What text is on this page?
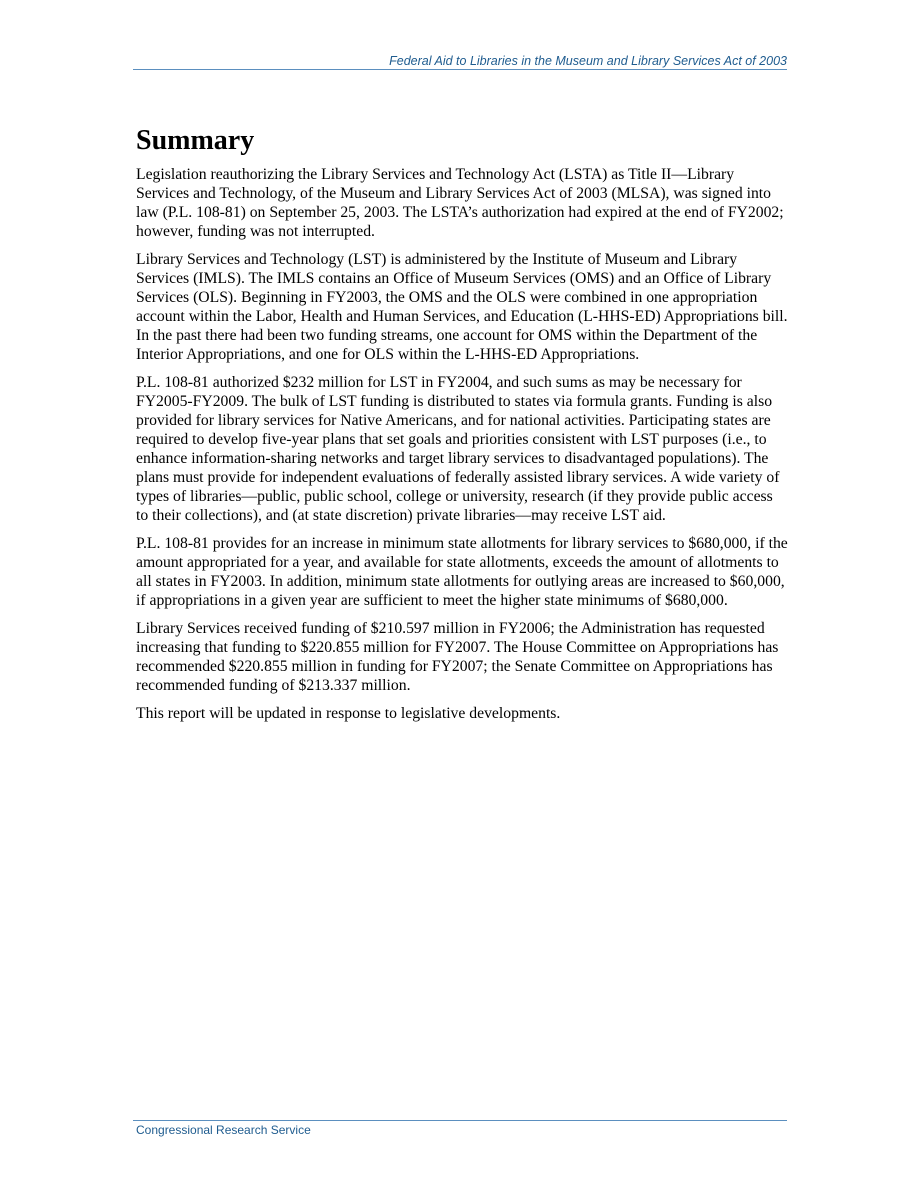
Federal Aid to Libraries in the Museum and Library Services Act of 2003
Summary

Legislation reauthorizing the Library Services and Technology Act (LSTA) as Title II—Library Services and Technology, of the Museum and Library Services Act of 2003 (MLSA), was signed into law (P.L. 108-81) on September 25, 2003. The LSTA’s authorization had expired at the end of FY2002; however, funding was not interrupted.

Library Services and Technology (LST) is administered by the Institute of Museum and Library Services (IMLS). The IMLS contains an Office of Museum Services (OMS) and an Office of Library Services (OLS). Beginning in FY2003, the OMS and the OLS were combined in one appropriation account within the Labor, Health and Human Services, and Education (L-HHS-ED) Appropriations bill. In the past there had been two funding streams, one account for OMS within the Department of the Interior Appropriations, and one for OLS within the L-HHS-ED Appropriations.

P.L. 108-81 authorized $232 million for LST in FY2004, and such sums as may be necessary for FY2005-FY2009. The bulk of LST funding is distributed to states via formula grants. Funding is also provided for library services for Native Americans, and for national activities. Participating states are required to develop five-year plans that set goals and priorities consistent with LST purposes (i.e., to enhance information-sharing networks and target library services to disadvantaged populations). The plans must provide for independent evaluations of federally assisted library services. A wide variety of types of libraries—public, public school, college or university, research (if they provide public access to their collections), and (at state discretion) private libraries—may receive LST aid.

P.L. 108-81 provides for an increase in minimum state allotments for library services to $680,000, if the amount appropriated for a year, and available for state allotments, exceeds the amount of allotments to all states in FY2003. In addition, minimum state allotments for outlying areas are increased to $60,000, if appropriations in a given year are sufficient to meet the higher state minimums of $680,000.

Library Services received funding of $210.597 million in FY2006; the Administration has requested increasing that funding to $220.855 million for FY2007. The House Committee on Appropriations has recommended $220.855 million in funding for FY2007; the Senate Committee on Appropriations has recommended funding of $213.337 million.

This report will be updated in response to legislative developments.

Congressional Research Service
